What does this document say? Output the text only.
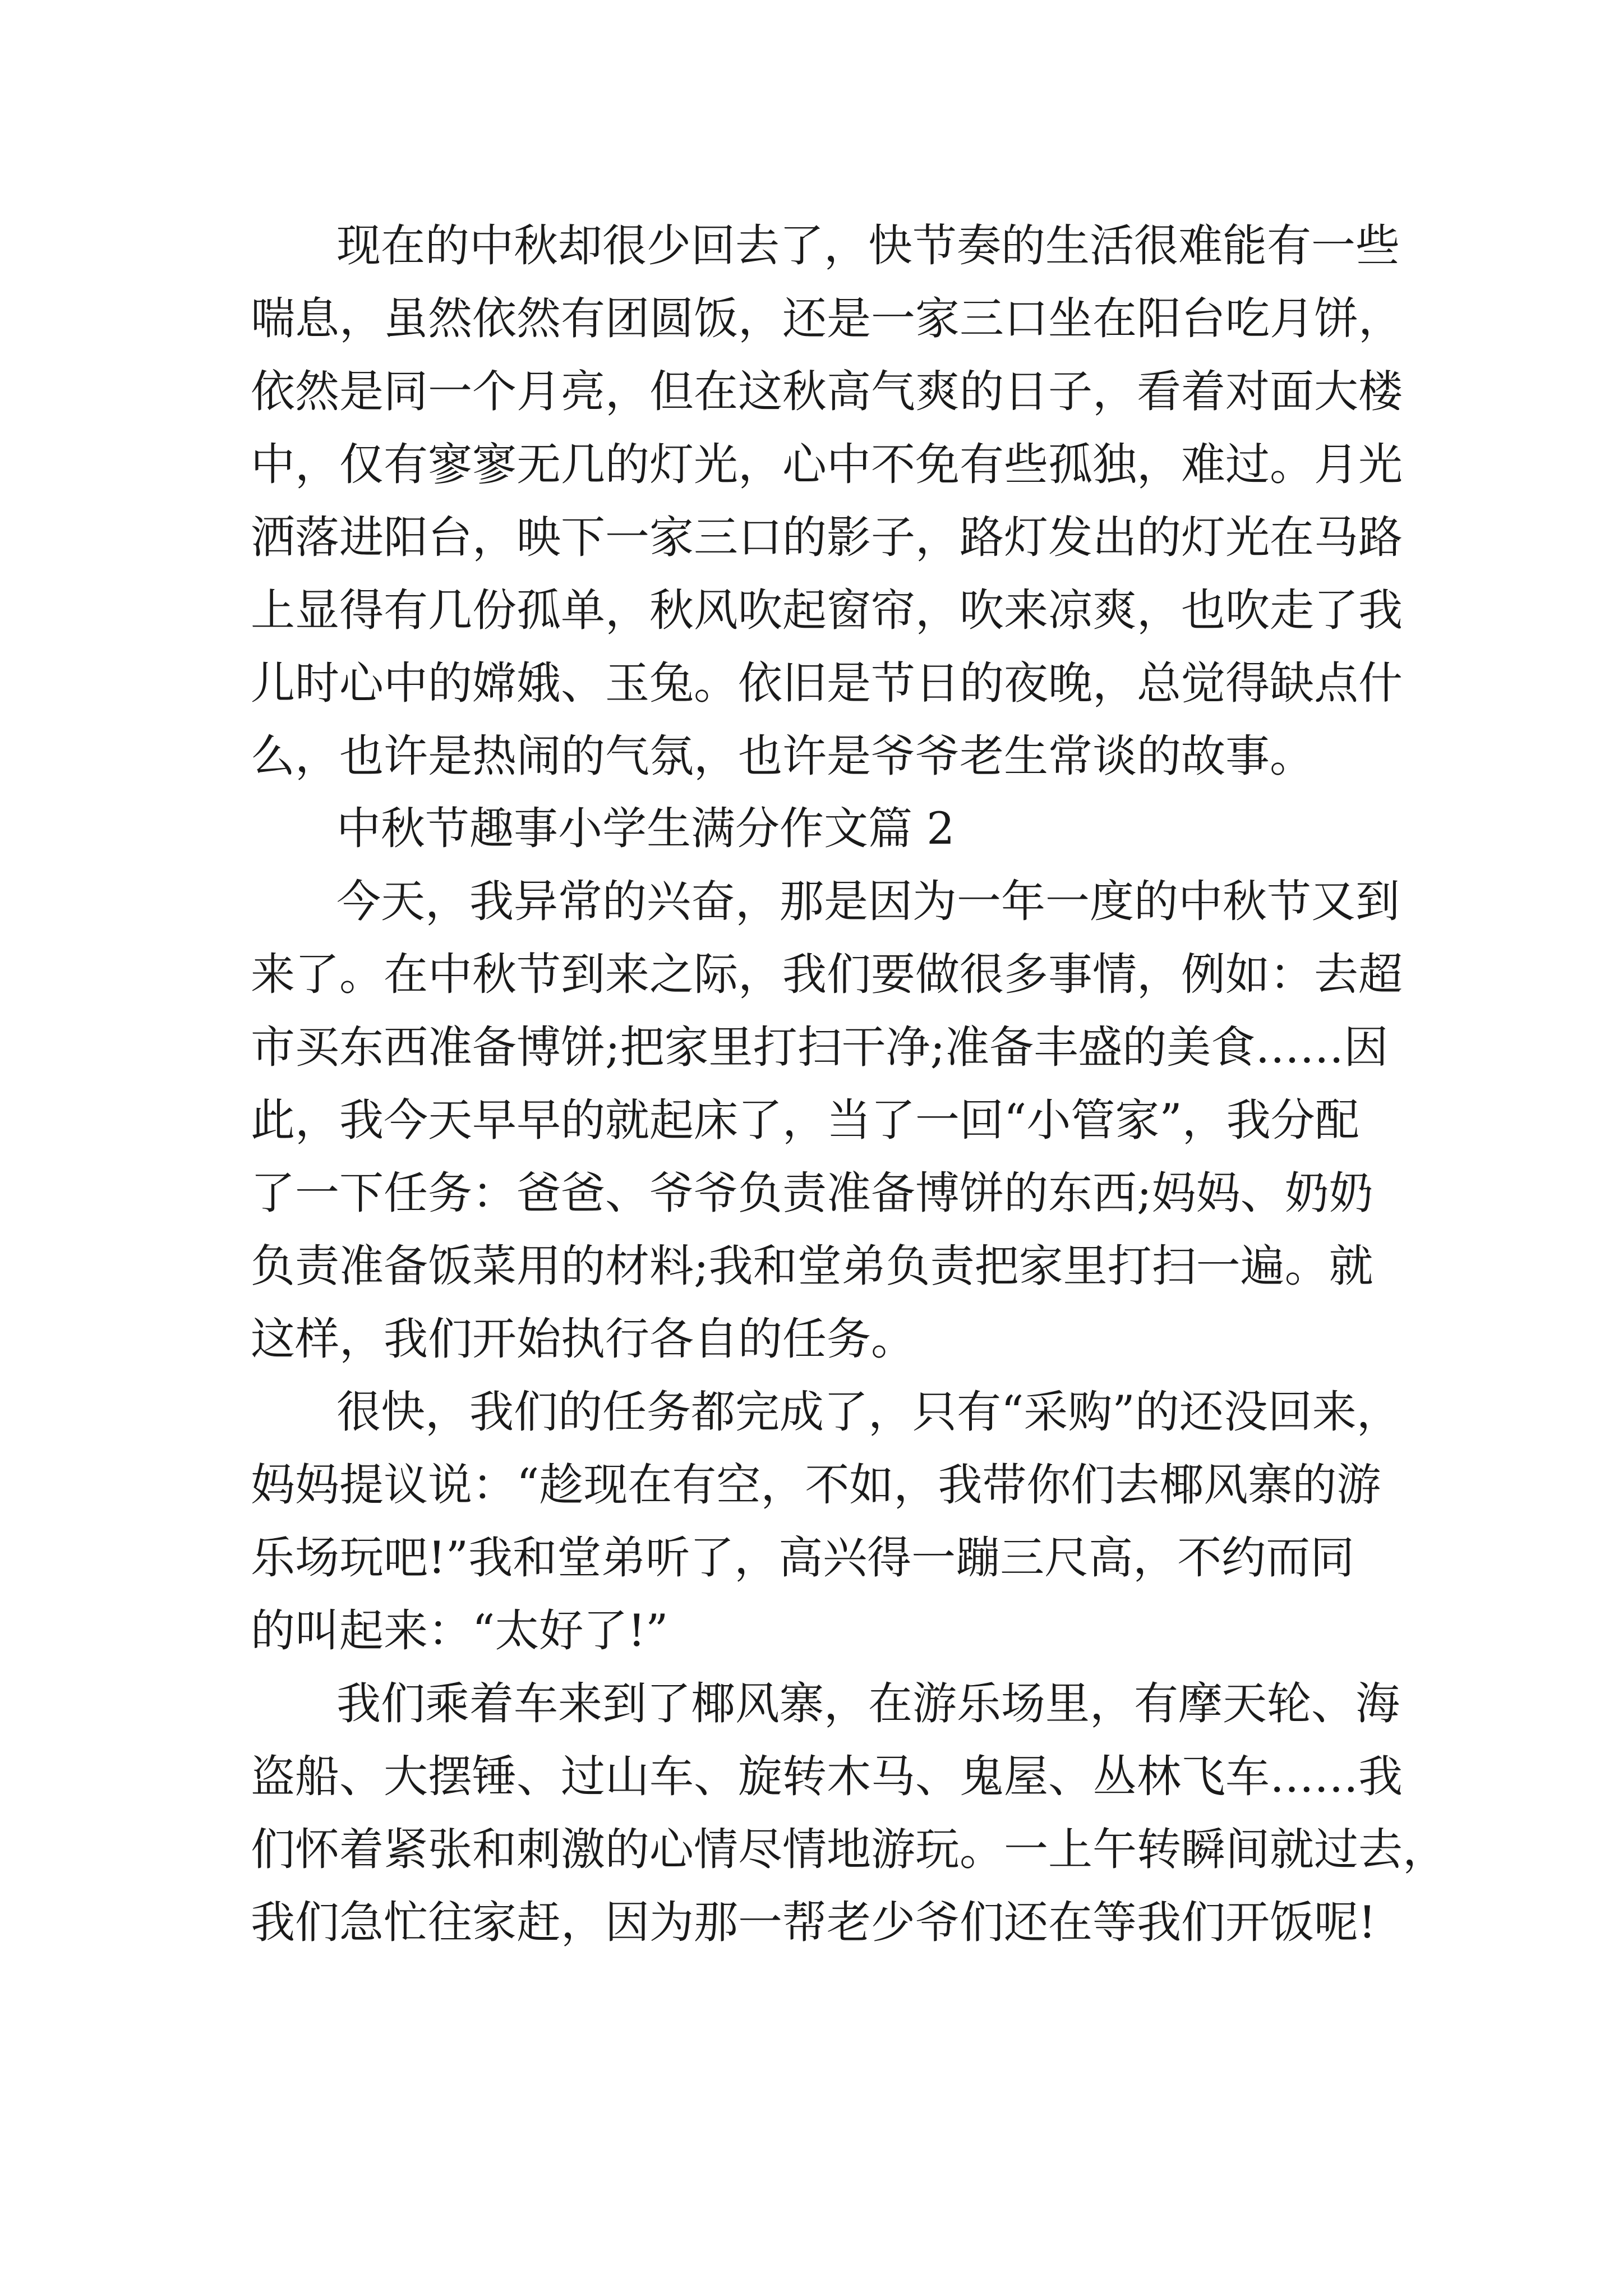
现在的中秋却很少回去了，快节奏的生活很难能有一些

喘息，虽然依然有团圆饭，还是一家三口坐在阳台吃月饼，

依然是同一个月亮，但在这秋高气爽的日子，看着对面大楼

中，仅有寥寥无几的灯光，心中不免有些孤独，难过。月光

洒落进阳台，映下一家三口的影子，路灯发出的灯光在马路

上显得有几份孤单，秋风吹起窗帘，吹来凉爽，也吹走了我

儿时心中的嫦娥、玉兔。依旧是节日的夜晚，总觉得缺点什

么，也许是热闹的气氛，也许是爷爷老生常谈的故事。

中秋节趣事小学生满分作文篇 2

今天，我异常的兴奋，那是因为一年一度的中秋节又到

来了。在中秋节到来之际，我们要做很多事情，例如：去超

市买东西准备博饼;把家里打扫干净;准备丰盛的美食……因

此，我今天早早的就起床了，当了一回“小管家”，我分配

了一下任务：爸爸、爷爷负责准备博饼的东西;妈妈、奶奶

负责准备饭菜用的材料;我和堂弟负责把家里打扫一遍。就

这样，我们开始执行各自的任务。

很快，我们的任务都完成了，只有“采购”的还没回来，

妈妈提议说：“趁现在有空，不如，我带你们去椰风寨的游

乐场玩吧!”我和堂弟听了，高兴得一蹦三尺高，不约而同

的叫起来：“太好了!”

我们乘着车来到了椰风寨，在游乐场里，有摩天轮、海

盗船、大摆锤、过山车、旋转木马、鬼屋、丛林飞车……我

们怀着紧张和刺激的心情尽情地游玩。一上午转瞬间就过去，

我们急忙往家赶，因为那一帮老少爷们还在等我们开饭呢!
